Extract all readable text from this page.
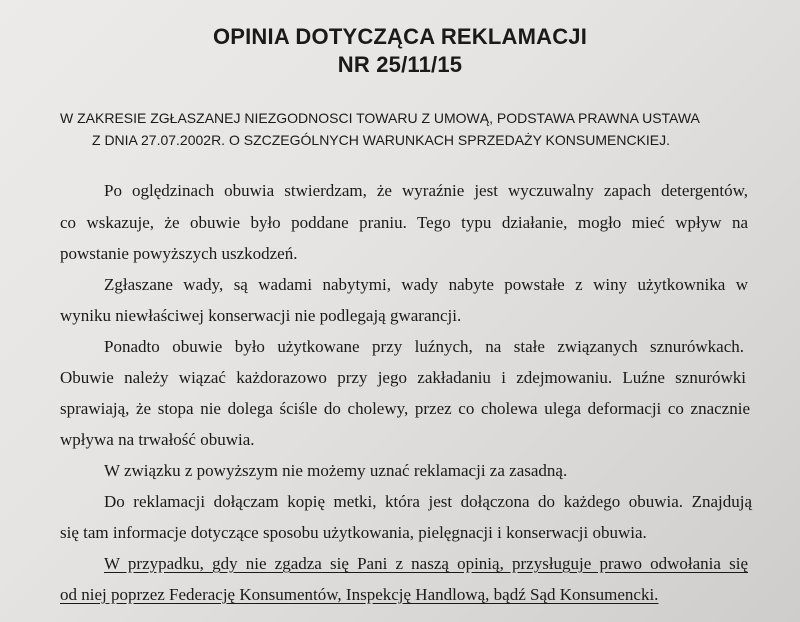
OPINIA DOTYCZĄCA REKLAMACJI
NR 25/11/15

W ZAKRESIE ZGŁASZANEJ NIEZGODNOSCI TOWARU Z UMOWĄ, PODSTAWA PRAWNA USTAWA

Z DNIA 27.07.2002R. O SZCZEGÓLNYCH WARUNKACH SPRZEDAŻY KONSUMENCKIEJ.

Po oględzinach obuwia stwierdzam, że wyraźnie jest wyczuwalny zapach detergentów,

co wskazuje, że obuwie było poddane praniu. Tego typu działanie, mogło mieć wpływ na

powstanie powyższych uszkodzeń.

Zgłaszane wady, są wadami nabytymi, wady nabyte powstałe z winy użytkownika w

wyniku niewłaściwej konserwacji nie podlegają gwarancji.

Ponadto obuwie było użytkowane przy luźnych, na stałe związanych sznurówkach.

Obuwie należy wiązać każdorazowo przy jego zakładaniu i zdejmowaniu. Luźne sznurówki

sprawiają, że stopa nie dolega ściśle do cholewy, przez co cholewa ulega deformacji co znacznie

wpływa na trwałość obuwia.

W związku z powyższym nie możemy uznać reklamacji za zasadną.

Do reklamacji dołączam kopię metki, która jest dołączona do każdego obuwia. Znajdują

się tam informacje dotyczące sposobu użytkowania, pielęgnacji i konserwacji obuwia.

W przypadku, gdy nie zgadza się Pani z naszą opinią, przysługuje prawo odwołania się

od niej poprzez Federację Konsumentów, Inspekcję Handlową, bądź Sąd Konsumencki.
